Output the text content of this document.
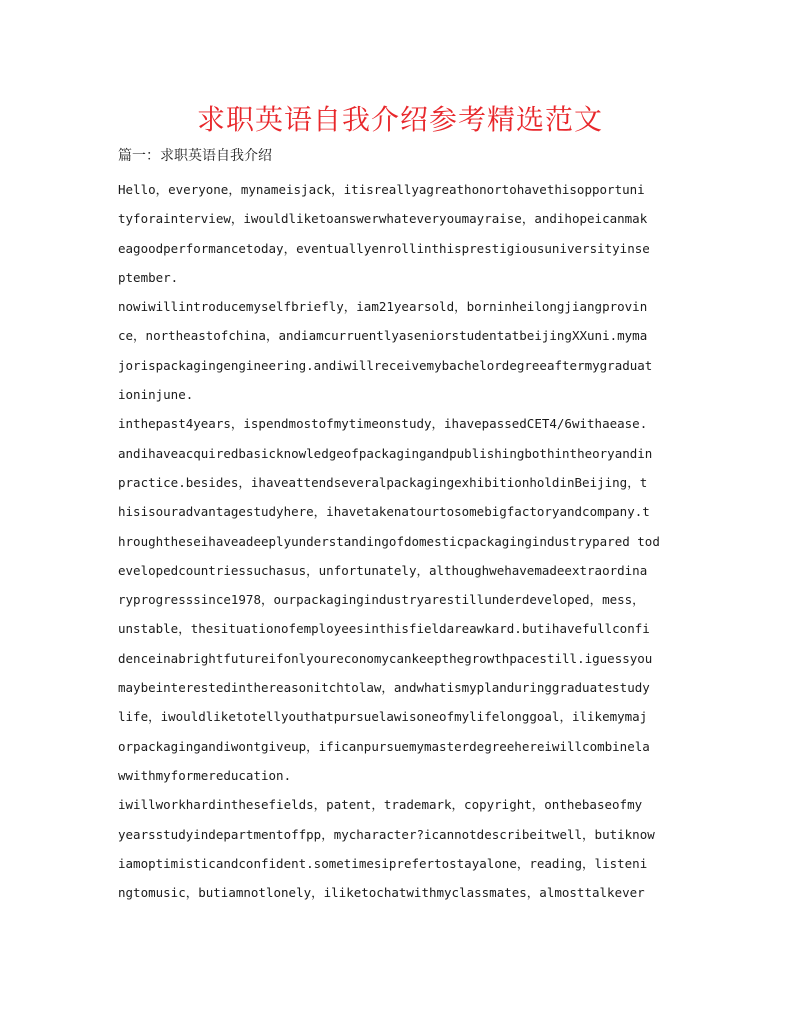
求职英语自我介绍参考精选范文
篇一：求职英语自我介绍
Hello，everyone，mynameisjack，itisreallyagreathonortohavethisopportuni
tyforainterview，iwouldliketoanswerwhateveryoumayraise，andihopeicanmak
eagoodperformancetoday，eventuallyenrollinthisprestigiousuniversityinse
ptember.
nowiwillintroducemyselfbriefly，iam21yearsold，borninheilongjiangprovin
ce，northeastofchina，andiamcurruentlyaseniorstudentatbeijingXXuni.myma
jorispackagingengineering.andiwillreceivemybachelordegreeaftermygraduat
ioninjune.
inthepast4years，ispendmostofmytimeonstudy，ihavepassedCET4/6withaease.
andihaveacquiredbasicknowledgeofpackagingandpublishingbothintheoryandin
practice.besides，ihaveattendseveralpackagingexhibitionholdinBeijing，t
hisisouradvantagestudyhere，ihavetakenatourtosomebigfactoryandcompany.t
hroughtheseihaveadeeplyunderstandingofdomesticpackagingindustrypared tod
evelopedcountriessuchasus，unfortunately，althoughwehavemadeextraordina
ryprogresssince1978，ourpackagingindustryarestillunderdeveloped，mess，
unstable，thesituationofemployeesinthisfieldareawkard.butihavefullconfi
denceinabrightfutureifonlyoureconomycankeepthegrowthpacestill.iguessyou
maybeinterestedinthereasonitchtolaw，andwhatismyplanduringgraduatestudy
life，iwouldliketotellyouthatpursuelawisoneofmylifelonggoal，ilikemymaj
orpackagingandiwontgiveup，ificanpursuemymasterdegreehereiwillcombinela
wwithmyformereducation.
iwillworkhardinthesefields，patent，trademark，copyright，onthebaseofmy
yearsstudyindepartmentoffpp，mycharacter?icannotdescribeitwell，butiknow
iamoptimisticandconfident.sometimesiprefertostayalone，reading，listeni
ngtomusic，butiamnotlonely，iliketochatwithmyclassmates，almosttalkever
